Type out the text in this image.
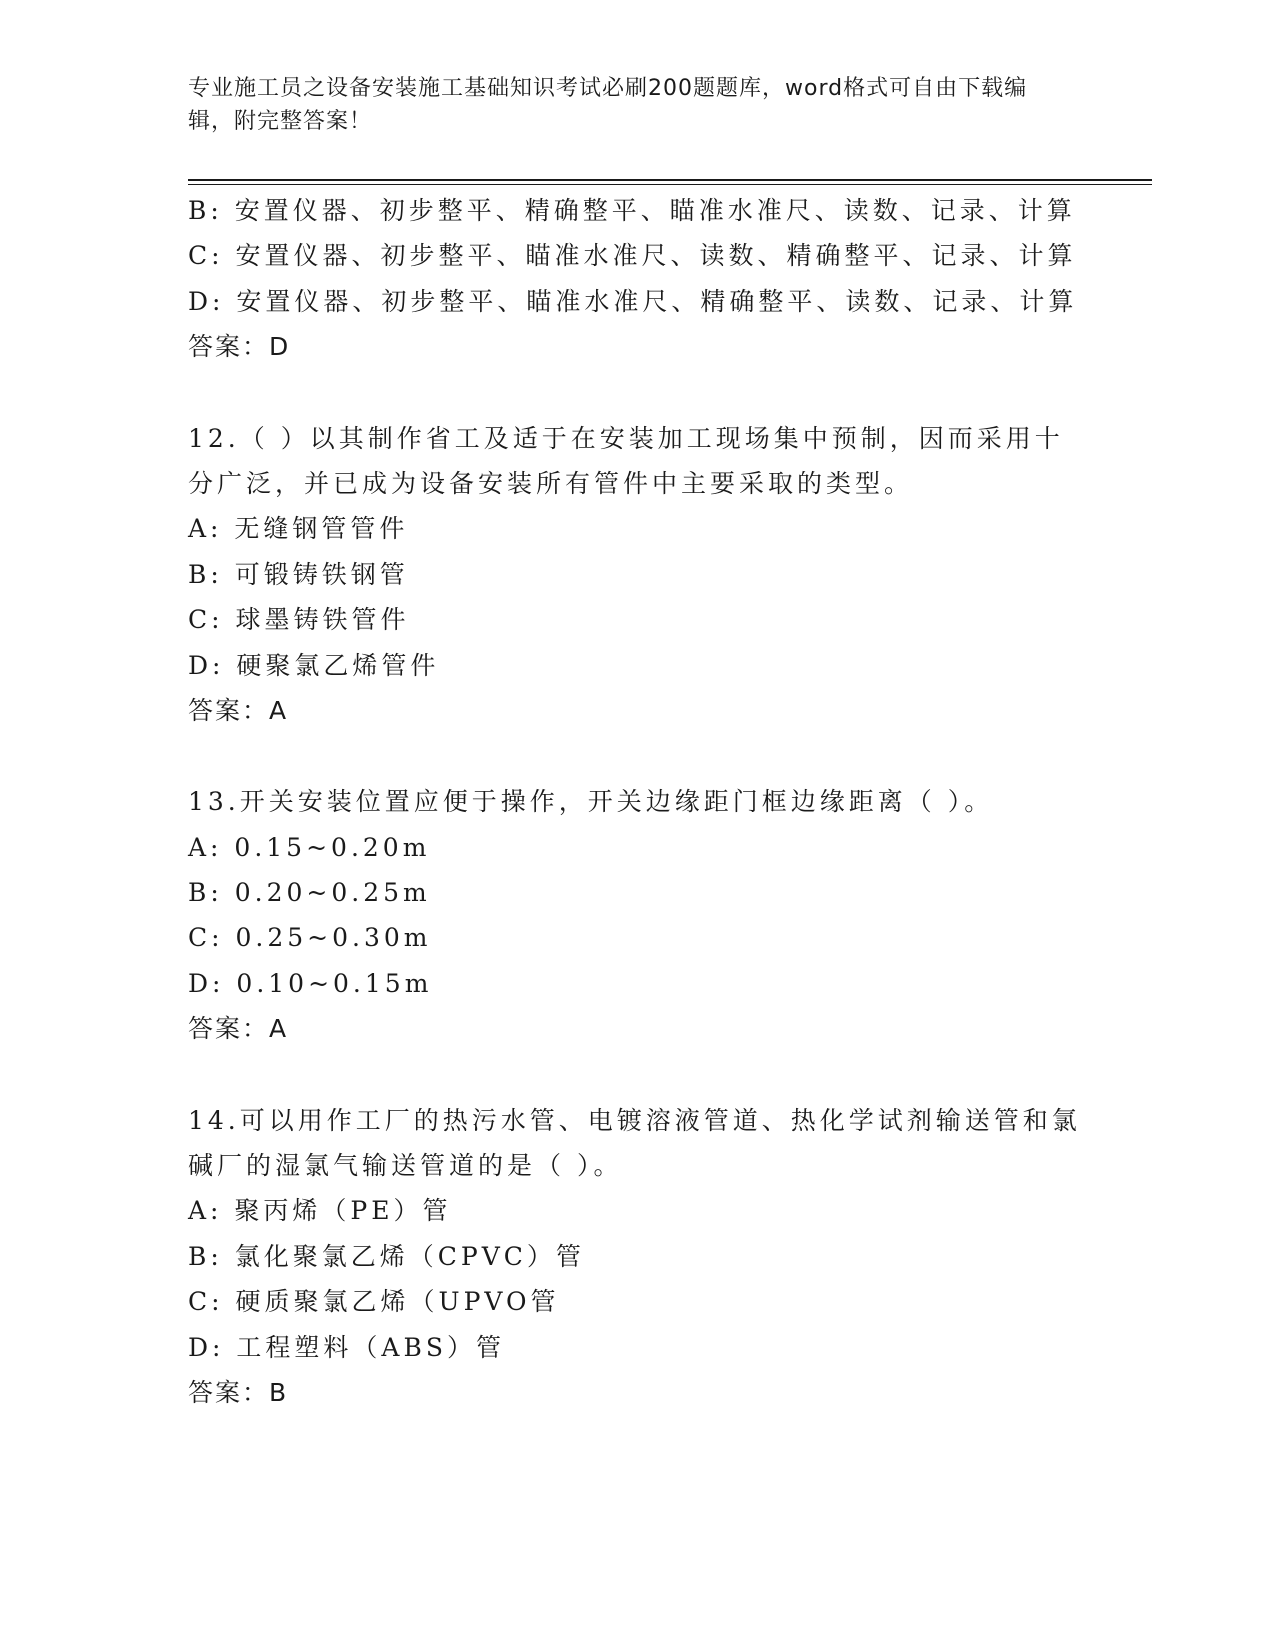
专业施工员之设备安装施工基础知识考试必刷200题题库，word格式可自由下载编辑，附完整答案！
B: 安置仪器、初步整平、精确整平、瞄准水准尺、读数、记录、计算
C: 安置仪器、初步整平、瞄准水准尺、读数、精确整平、记录、计算
D: 安置仪器、初步整平、瞄准水准尺、精确整平、读数、记录、计算
答案：D
12.（ ）以其制作省工及适于在安装加工现场集中预制，因而采用十
分广泛，并已成为设备安装所有管件中主要采取的类型。
A: 无缝钢管管件
B: 可锻铸铁钢管
C: 球墨铸铁管件
D: 硬聚氯乙烯管件
答案：A
13.开关安装位置应便于操作，开关边缘距门框边缘距离（ ）。
A: 0.15~0.20m
B: 0.20~0.25m
C: 0.25~0.30m
D: 0.10~0.15m
答案：A
14.可以用作工厂的热污水管、电镀溶液管道、热化学试剂输送管和氯
碱厂的湿氯气输送管道的是（ ）。
A: 聚丙烯（PE）管
B: 氯化聚氯乙烯（CPVC）管
C: 硬质聚氯乙烯（UPVO管
D: 工程塑料（ABS）管
答案：B
